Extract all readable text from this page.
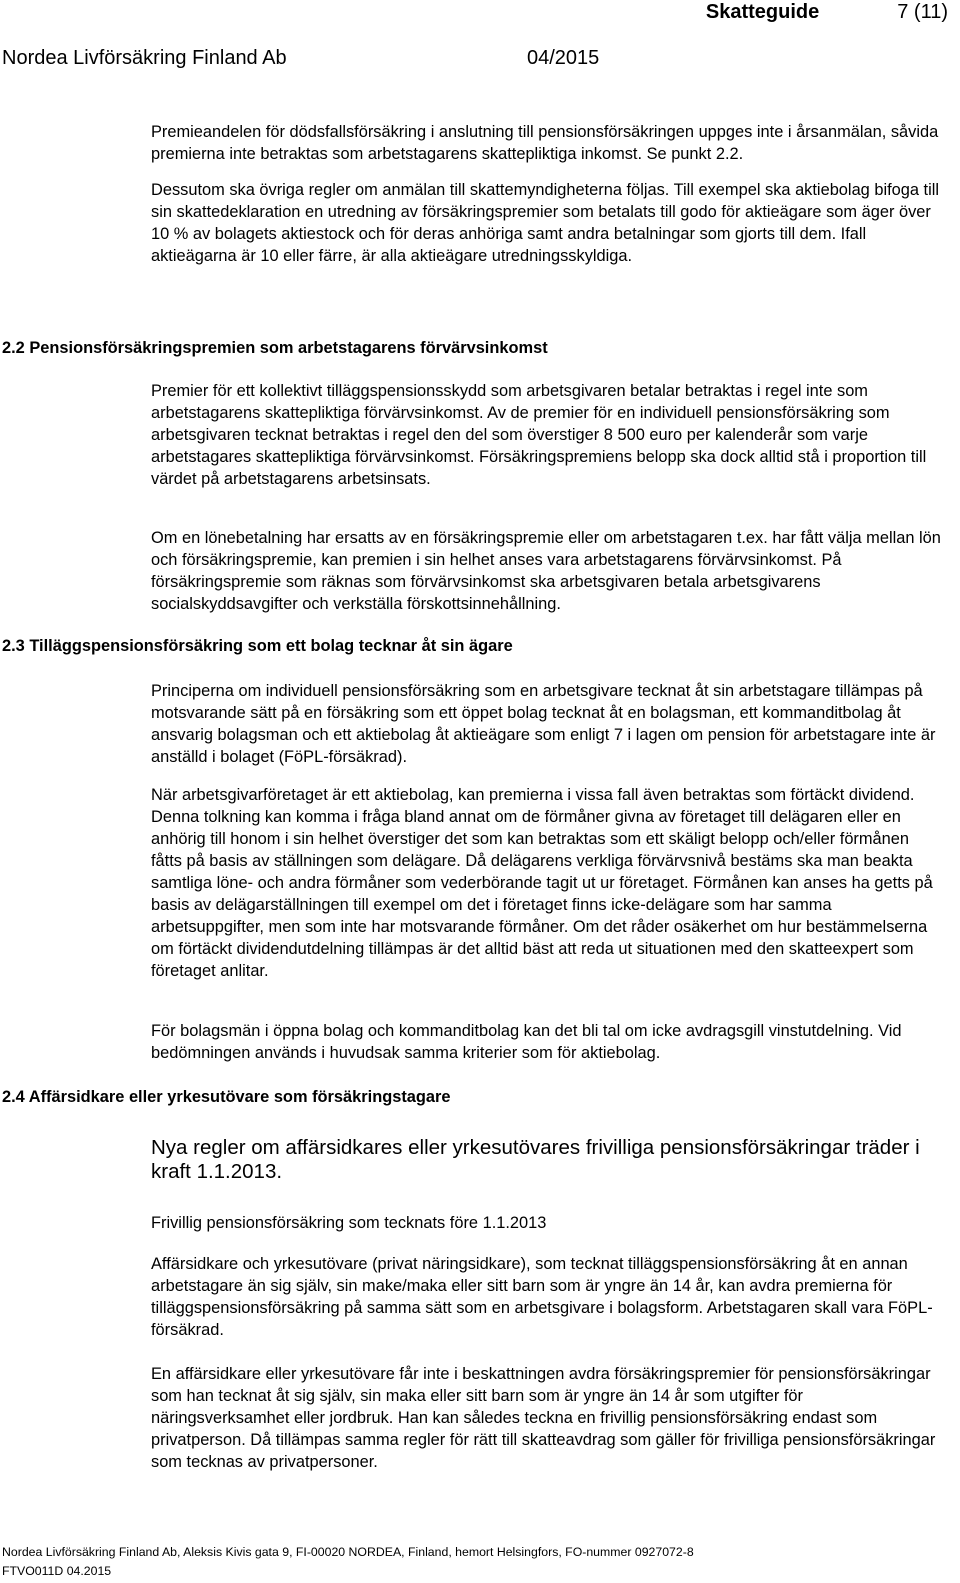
Skatteguide	7 (11)
Nordea Livförsäkring Finland Ab	04/2015

Premieandelen för dödsfallsförsäkring i anslutning till pensionsförsäkringen uppges inte i årsanmälan, såvida premierna inte betraktas som arbetstagarens skattepliktiga inkomst. Se punkt 2.2.

Dessutom ska övriga regler om anmälan till skattemyndigheterna följas. Till exempel ska aktiebolag bifoga till sin skattedeklaration en utredning av försäkringspremier som betalats till godo för aktieägare som äger över 10 % av bolagets aktiestock och för deras anhöriga samt andra betalningar som gjorts till dem. Ifall aktieägarna är 10 eller färre, är alla aktieägare utredningsskyldiga.

2.2 Pensionsförsäkringspremien som arbetstagarens förvärvsinkomst

Premier för ett kollektivt tilläggspensionsskydd som arbetsgivaren betalar betraktas i regel inte som arbetstagarens skattepliktiga förvärvsinkomst. Av de premier för en individuell pensionsförsäkring som arbetsgivaren tecknat betraktas i regel den del som överstiger 8 500 euro per kalenderår som varje arbetstagares skattepliktiga förvärvsinkomst. Försäkringspremiens belopp ska dock alltid stå i proportion till värdet på arbetstagarens arbetsinsats.

Om en lönebetalning har ersatts av en försäkringspremie eller om arbetstagaren t.ex. har fått välja mellan lön och försäkringspremie, kan premien i sin helhet anses vara arbetstagarens förvärvsinkomst. På försäkringspremie som räknas som förvärvsinkomst ska arbetsgivaren betala arbetsgivarens socialskyddsavgifter och verkställa förskottsinnehållning.

2.3 Tilläggspensionsförsäkring som ett bolag tecknar åt sin ägare

Principerna om individuell pensionsförsäkring som en arbetsgivare tecknat åt sin arbetstagare tillämpas på motsvarande sätt på en försäkring som ett öppet bolag tecknat åt en bolagsman, ett kommanditbolag åt ansvarig bolagsman och ett aktiebolag åt aktieägare som enligt 7 i lagen om pension för arbetstagare inte är anställd i bolaget (FöPL-försäkrad).

När arbetsgivarföretaget är ett aktiebolag, kan premierna i vissa fall även betraktas som förtäckt dividend. Denna tolkning kan komma i fråga bland annat om de förmåner givna av företaget till delägaren eller en anhörig till honom i sin helhet överstiger det som kan betraktas som ett skäligt belopp och/eller förmånen fåtts på basis av ställningen som delägare. Då delägarens verkliga förvärvsnivå bestäms ska man beakta samtliga löne- och andra förmåner som vederbörande tagit ut ur företaget. Förmånen kan anses ha getts på basis av delägarställningen till exempel om det i företaget finns icke-delägare som har samma arbetsuppgifter, men som inte har motsvarande förmåner. Om det råder osäkerhet om hur bestämmelserna om förtäckt dividendutdelning tillämpas är det alltid bäst att reda ut situationen med den skatteexpert som företaget anlitar.

För bolagsmän i öppna bolag och kommanditbolag kan det bli tal om icke avdragsgill vinstutdelning. Vid bedömningen används i huvudsak samma kriterier som för aktiebolag.

2.4 Affärsidkare eller yrkesutövare som försäkringstagare

Nya regler om affärsidkares eller yrkesutövares frivilliga pensionsförsäkringar träder i kraft 1.1.2013.

Frivillig pensionsförsäkring som tecknats före 1.1.2013

Affärsidkare och yrkesutövare (privat näringsidkare), som tecknat tilläggspensionsförsäkring åt en annan arbetstagare än sig själv, sin make/maka eller sitt barn som är yngre än 14 år, kan avdra premierna för tilläggspensionsförsäkring på samma sätt som en arbetsgivare i bolagsform. Arbetstagaren skall vara FöPL-försäkrad.

En affärsidkare eller yrkesutövare får inte i beskattningen avdra försäkringspremier för pensionsförsäkringar som han tecknat åt sig själv, sin maka eller sitt barn som är yngre än 14 år som utgifter för näringsverksamhet eller jordbruk. Han kan således teckna en frivillig pensionsförsäkring endast som privatperson. Då tillämpas samma regler för rätt till skatteavdrag som gäller för frivilliga pensionsförsäkringar som tecknas av privatpersoner.

Nordea Livförsäkring Finland Ab, Aleksis Kivis gata 9, FI-00020 NORDEA, Finland, hemort Helsingfors, FO-nummer 0927072-8
FTVO011D 04.2015
